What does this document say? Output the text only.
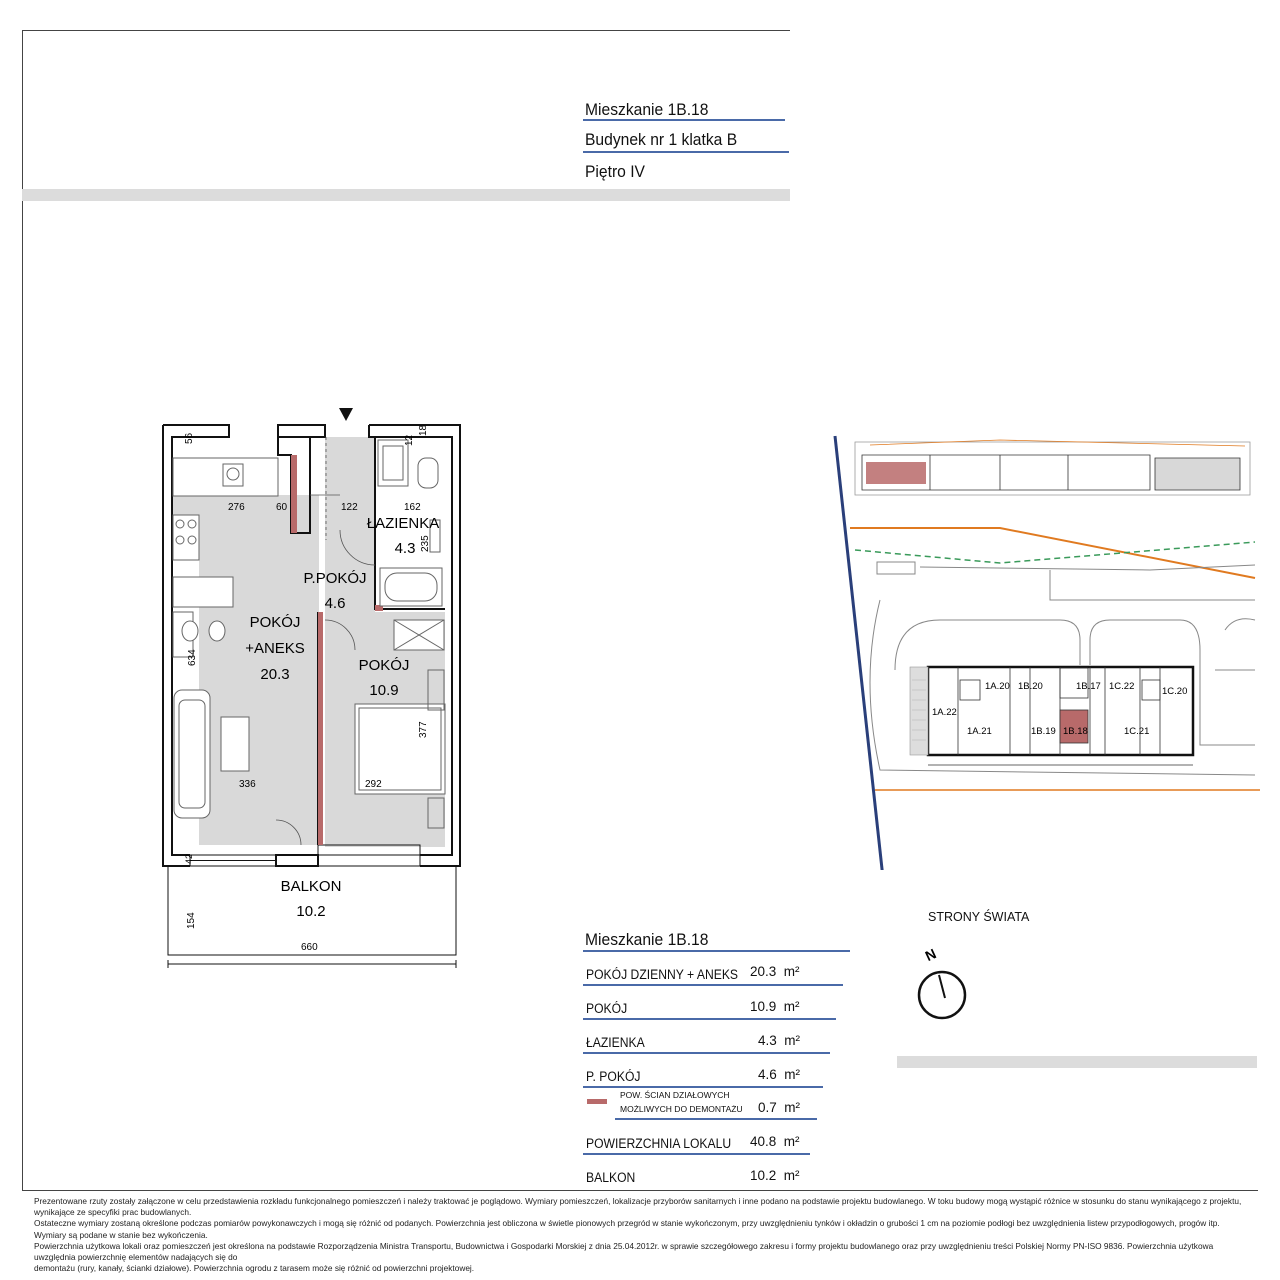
Mieszkanie 1B.18
Budynek nr 1 klatka B
Piętro IV
56
276	60	122	162
12
18
235
634
377
336	292
42
154
660
POKÓJ
+ANEKS
20.3
ŁAZIENKA
4.3
P.POKÓJ
4.6
POKÓJ
10.9
BALKON
10.2
1A.20
1A.22
1A.21
1B.20
1B.19 1B.18
1B.17 1C.22
1C.21
1C.20
STRONY ŚWIATA
N
Mieszkanie 1B.18
POKÓJ DZIENNY + ANEKS 20.3 m²
POKÓJ	10.9 m²
ŁAZIENKA	4.3 m²
P. POKÓJ	4.6 m²
POW. ŚCIAN DZIAŁOWYCH
MOŻLIWYCH DO DEMONTAŻU 0.7 m²
POWIERZCHNIA LOKALU 40.8 m²
BALKON	10.2 m²

Prezentowane rzuty zostały załączone w celu przedstawienia rozkładu funkcjonalnego pomieszczeń i należy traktować je poglądowo. Wymiary pomieszczeń, lokalizacje przyborów sanitarnych i inne podano na podstawie projektu budowlanego. W toku budowy mogą wystąpić różnice w stosunku do stanu wynikającego z projektu, wynikające ze specyfiki prac budowlanych.

Ostateczne wymiary zostaną określone podczas pomiarów powykonawczych i mogą się różnić od podanych. Powierzchnia jest obliczona w świetle pionowych przegród w stanie wykończonym, przy uwzględnieniu tynków i okładzin o grubości 1 cm na poziomie podłogi bez uwzględnienia listew przypodłogowych, progów itp. Wymiary są podane w stanie bez wykończenia.

Powierzchnia użytkowa lokali oraz pomieszczeń jest określona na podstawie Rozporządzenia Ministra Transportu, Budownictwa i Gospodarki Morskiej z dnia 25.04.2012r. w sprawie szczegółowego zakresu i formy projektu budowlanego oraz przy uwzględnieniu treści Polskiej Normy PN-ISO 9836. Powierzchnia użytkowa uwzględnia powierzchnię elementów nadających się do

demontażu (rury, kanały, ścianki działowe). Powierzchnia ogrodu z tarasem może się różnić od powierzchni projektowej.
